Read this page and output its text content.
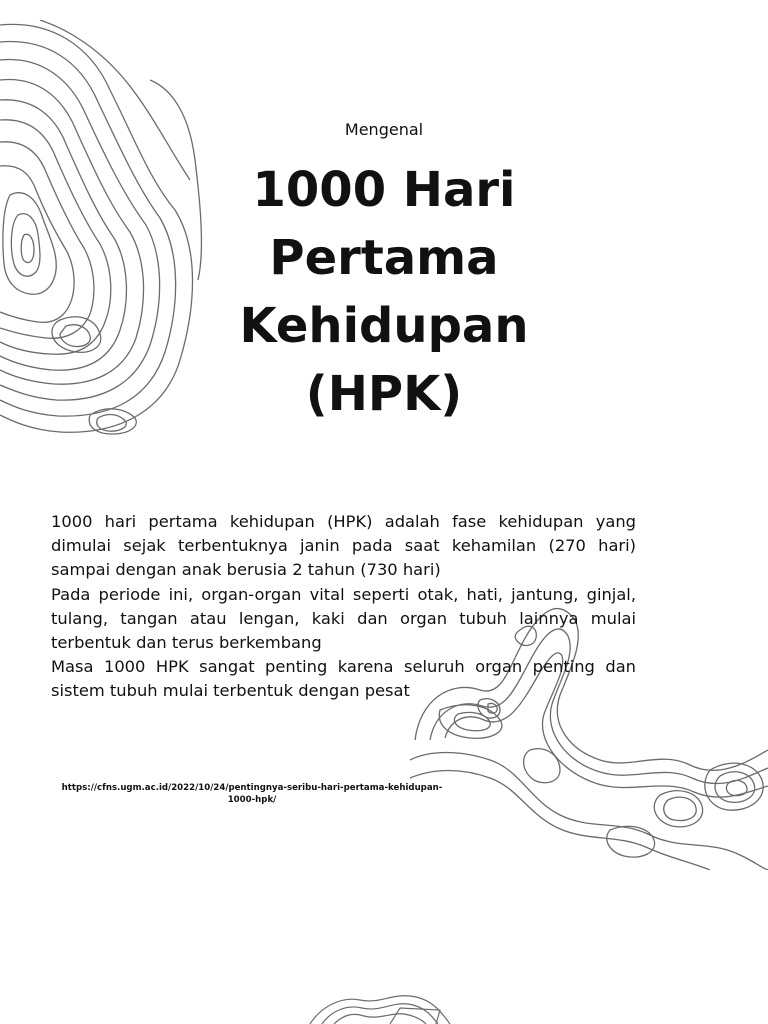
Mengenal

1000 Hari Pertama Kehidupan (HPK)

1000 hari pertama kehidupan (HPK) adalah fase kehidupan yang dimulai sejak terbentuknya janin pada saat kehamilan (270 hari) sampai dengan anak berusia 2 tahun (730 hari)

Pada periode ini, organ-organ vital seperti otak, hati, jantung, ginjal, tulang, tangan atau lengan, kaki dan organ tubuh lainnya mulai terbentuk dan terus berkembang

Masa 1000 HPK sangat penting karena seluruh organ penting dan sistem tubuh mulai terbentuk dengan pesat

https://cfns.ugm.ac.id/2022/10/24/pentingnya-seribu-hari-pertama-kehidupan-1000-hpk/
